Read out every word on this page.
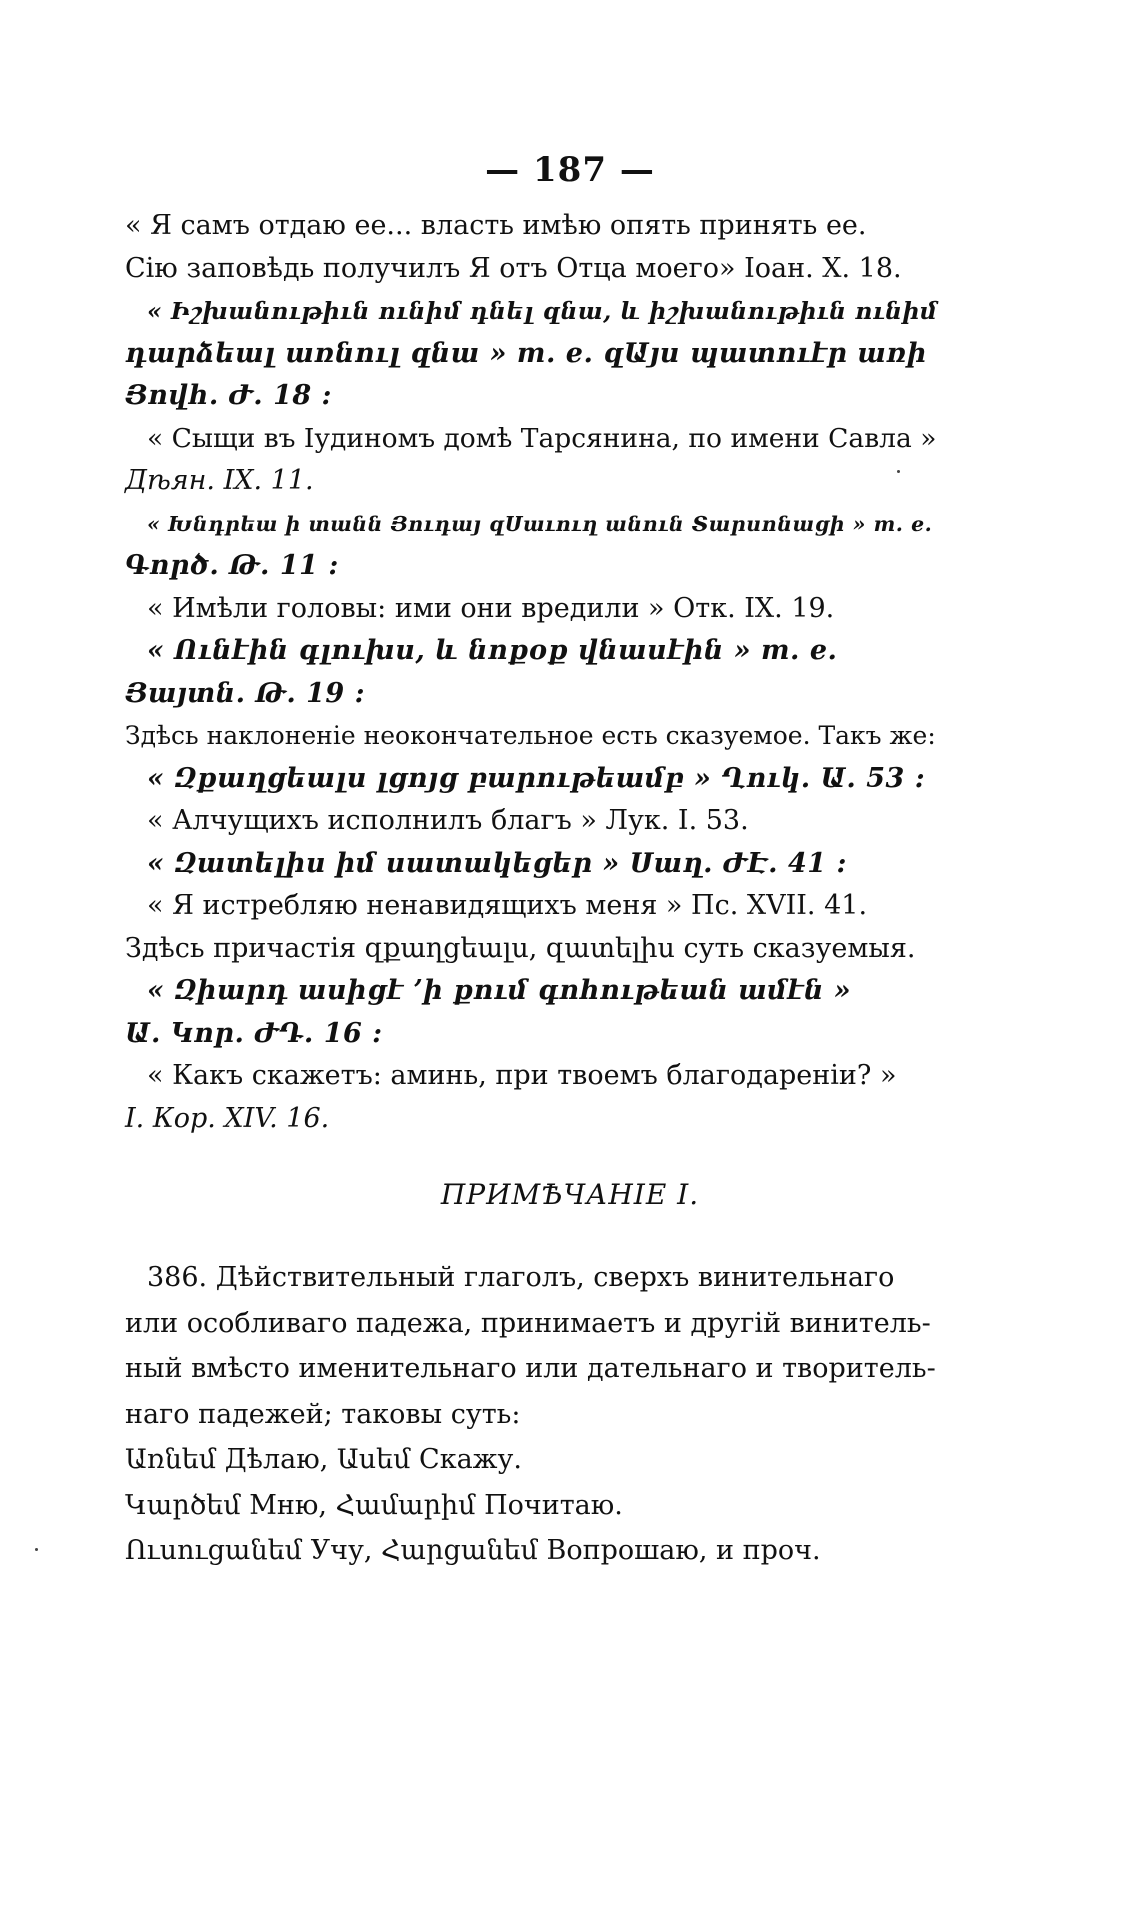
— 187 —
« Я самъ отдаю ее... власть имѣю опять принять ее.
Сію заповѣдь получилъ Я отъ Отца моего» Іоан. X. 18.
« Իշխանութիւն ունիմ դնել զնա, և իշխանութիւն ունիմ
դարձեալ առնուլ զնա » т. е. զԱյս պատուէր առի
Յովհ. Ժ. 18 :
« Сыщи въ Іудиномъ домѣ Тарсянина, по имени Савла »
Дѣян. IX. 11.
« Խնդրեա ի տանն Յուդայ զՍաւուղ անուն Տարսոնացի » т. е.
Գործ. Թ. 11 :
« Имѣли головы: ими они вредили » Отк. IX. 19.
« Ունէին գլուխս, և նոքօք վնասէին » т. е.
Յայտն. Թ. 19 :
Здѣсь наклоненіе неокончательное есть сказуемое. Такъ же:
« Զքաղցեալս լցոյց բարութեամբ » Ղուկ. Ա. 53 :
« Алчущихъ исполнилъ благъ » Лук. I. 53.
« Զատելիս իմ սատակեցեր » Սաղ. ԺԷ. 41 :
« Я истребляю ненавидящихъ меня » Пс. XVII. 41.
Здѣсь причастія զքաղցեալս, զատելիս суть сказуемыя.
« Զիարդ ասիցէ ’ի քում գոհութեան ամէն »
Ա. Կոր. ԺԴ. 16 :
« Какъ скажетъ: аминь, при твоемъ благодареніи? »
I. Кор. XIV. 16.
ПРИМѢЧАНІЕ I.
386. Дѣйствительный глаголъ, сверхъ винительнаго
или особливаго падежа, принимаетъ и другій винитель-
ный вмѣсто именительнаго или дательнаго и творитель-
наго падежей; таковы суть:
Առնեմ Дѣлаю, Ասեմ Скажу.
Կարծեմ Мню, Համարիմ Почитаю.
Ուսուցանեմ Учу, Հարցանեմ Вопрошаю, и проч.
